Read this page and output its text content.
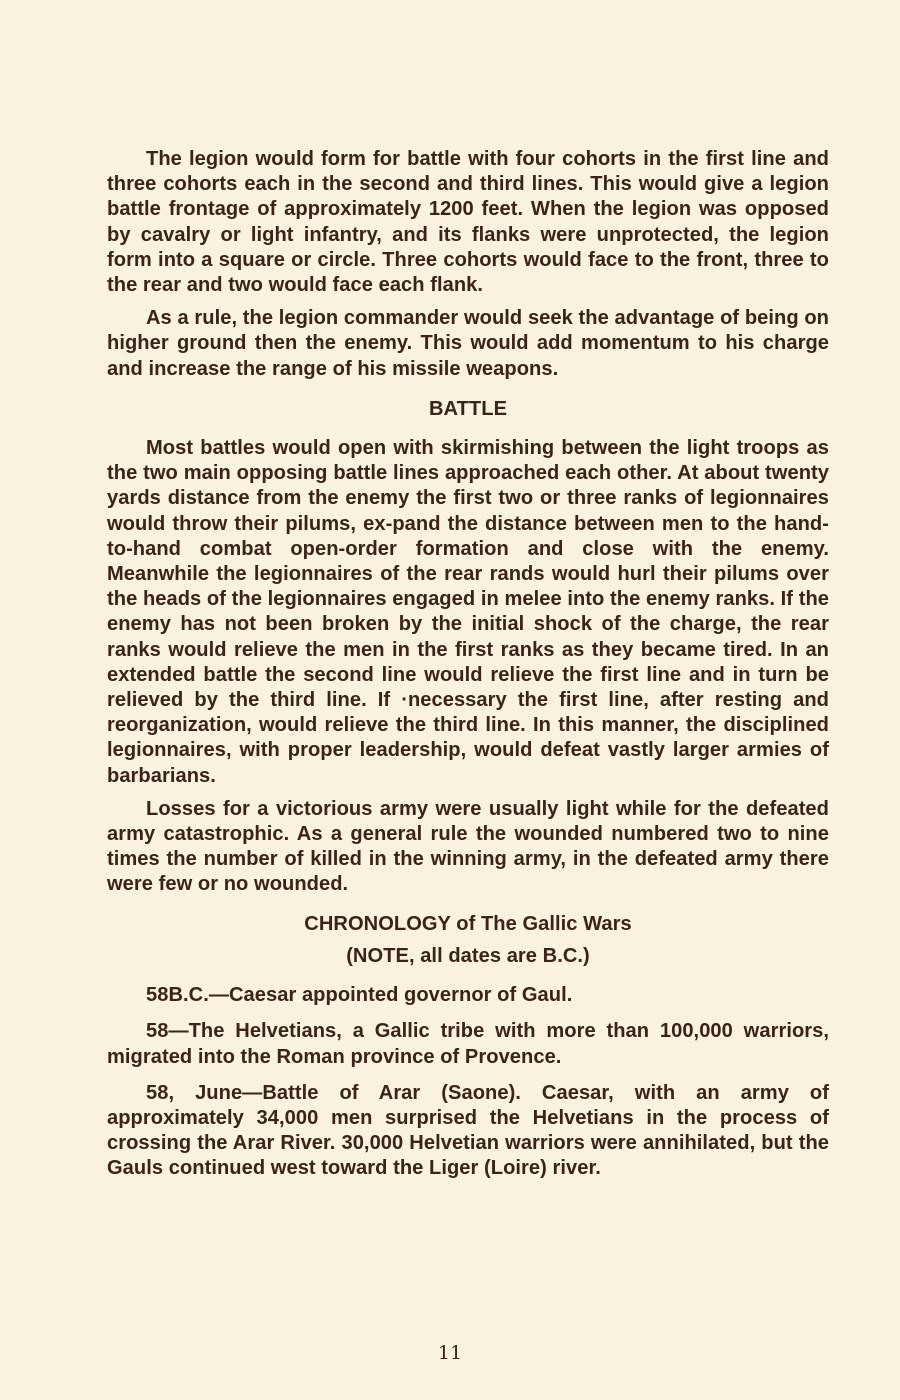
The legion would form for battle with four cohorts in the first line and three cohorts each in the second and third lines. This would give a legion battle frontage of approximately 1200 feet. When the legion was opposed by cavalry or light infantry, and its flanks were unprotected, the legion form into a square or circle. Three cohorts would face to the front, three to the rear and two would face each flank.

As a rule, the legion commander would seek the advantage of being on higher ground then the enemy. This would add momentum to his charge and increase the range of his missile weapons.

BATTLE

Most battles would open with skirmishing between the light troops as the two main opposing battle lines approached each other. At about twenty yards distance from the enemy the first two or three ranks of legionnaires would throw their pilums, ex-pand the distance between men to the hand-to-hand combat open-order formation and close with the enemy. Meanwhile the legionnaires of the rear rands would hurl their pilums over the heads of the legionnaires engaged in melee into the enemy ranks. If the enemy has not been broken by the initial shock of the charge, the rear ranks would relieve the men in the first ranks as they became tired. In an extended battle the second line would relieve the first line and in turn be relieved by the third line. If ·necessary the first line, after resting and reorganization, would relieve the third line. In this manner, the disciplined legionnaires, with proper leadership, would defeat vastly larger armies of barbarians.

Losses for a victorious army were usually light while for the defeated army catastrophic. As a general rule the wounded numbered two to nine times the number of killed in the winning army, in the defeated army there were few or no wounded.

CHRONOLOGY of The Gallic Wars
(NOTE, all dates are B.C.)

58B.C.—Caesar appointed governor of Gaul.

58—The Helvetians, a Gallic tribe with more than 100,000 warriors, migrated into the Roman province of Provence.

58, June—Battle of Arar (Saone). Caesar, with an army of approximately 34,000 men surprised the Helvetians in the process of crossing the Arar River. 30,000 Helvetian warriors were annihilated, but the Gauls continued west toward the Liger (Loire) river.

11
